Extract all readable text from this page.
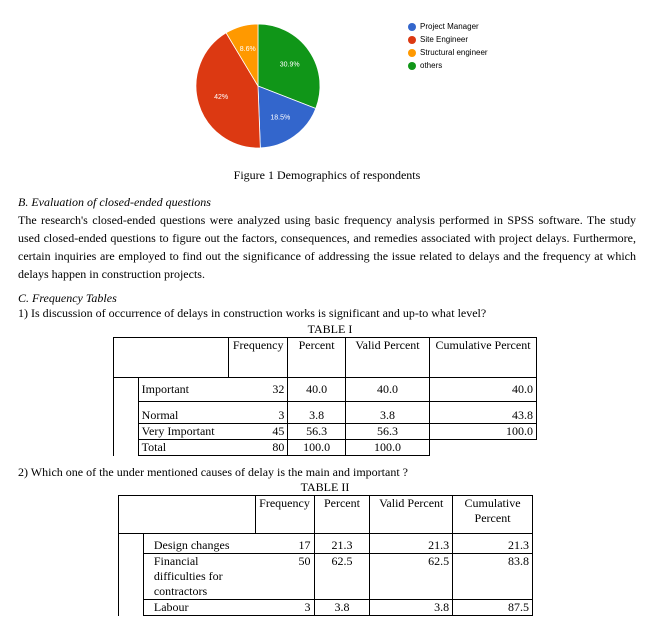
30.9%
18.5%
42%
8.6%
Project Manager
Site Engineer
Structural engineer
others
Figure 1 Demographics of respondents
B. Evaluation of closed-ended questions
The research's closed-ended questions were analyzed using basic frequency analysis performed in SPSS software. The study used closed-ended questions to figure out the factors, consequences, and remedies associated with project delays. Furthermore, certain inquiries are employed to find out the significance of addressing the issue related to delays and the frequency at which delays happen in construction projects.
C. Frequency Tables
1) Is discussion of occurrence of delays in construction works is significant and up-to what level?
TABLE I
		Frequency	Percent	Valid Percent	Cumulative Percent
	Important	32	40.0	40.0	40.0
	Normal	3	3.8	3.8	43.8
	Very Important	45	56.3	56.3	100.0
	Total	80	100.0	100.0	
2) Which one of the under mentioned causes of delay is the main and important ?
TABLE II
		Frequency	Percent	Valid Percent	Cumulative Percent
	Design changes	17	21.3	21.3	21.3
	Financial difficulties for contractors	50	62.5	62.5	83.8
	Labour	3	3.8	3.8	87.5
